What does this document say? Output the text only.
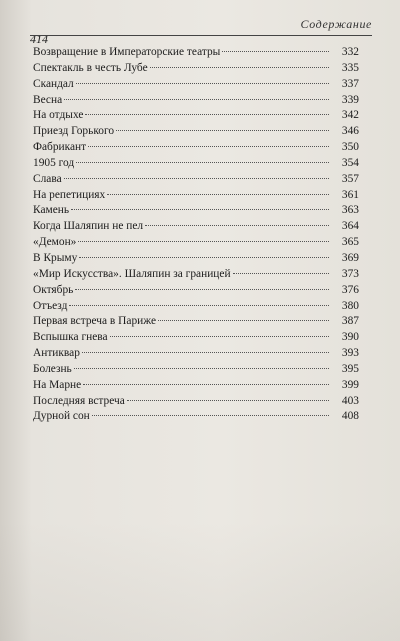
Содержание
414
Возвращение в Императорские театры	332
Спектакль в честь Лубе	335
Скандал	337
Весна	339
На отдыхе	342
Приезд Горького	346
Фабрикант	350
1905 год	354
Слава	357
На репетициях	361
Камень	363
Когда Шаляпин не пел	364
«Демон»	365
В Крыму	369
«Мир Искусства». Шаляпин за границей	373
Октябрь	376
Отъезд	380
Первая встреча в Париже	387
Вспышка гнева	390
Антиквар	393
Болезнь	395
На Марне	399
Последняя встреча	403
Дурной сон	408
